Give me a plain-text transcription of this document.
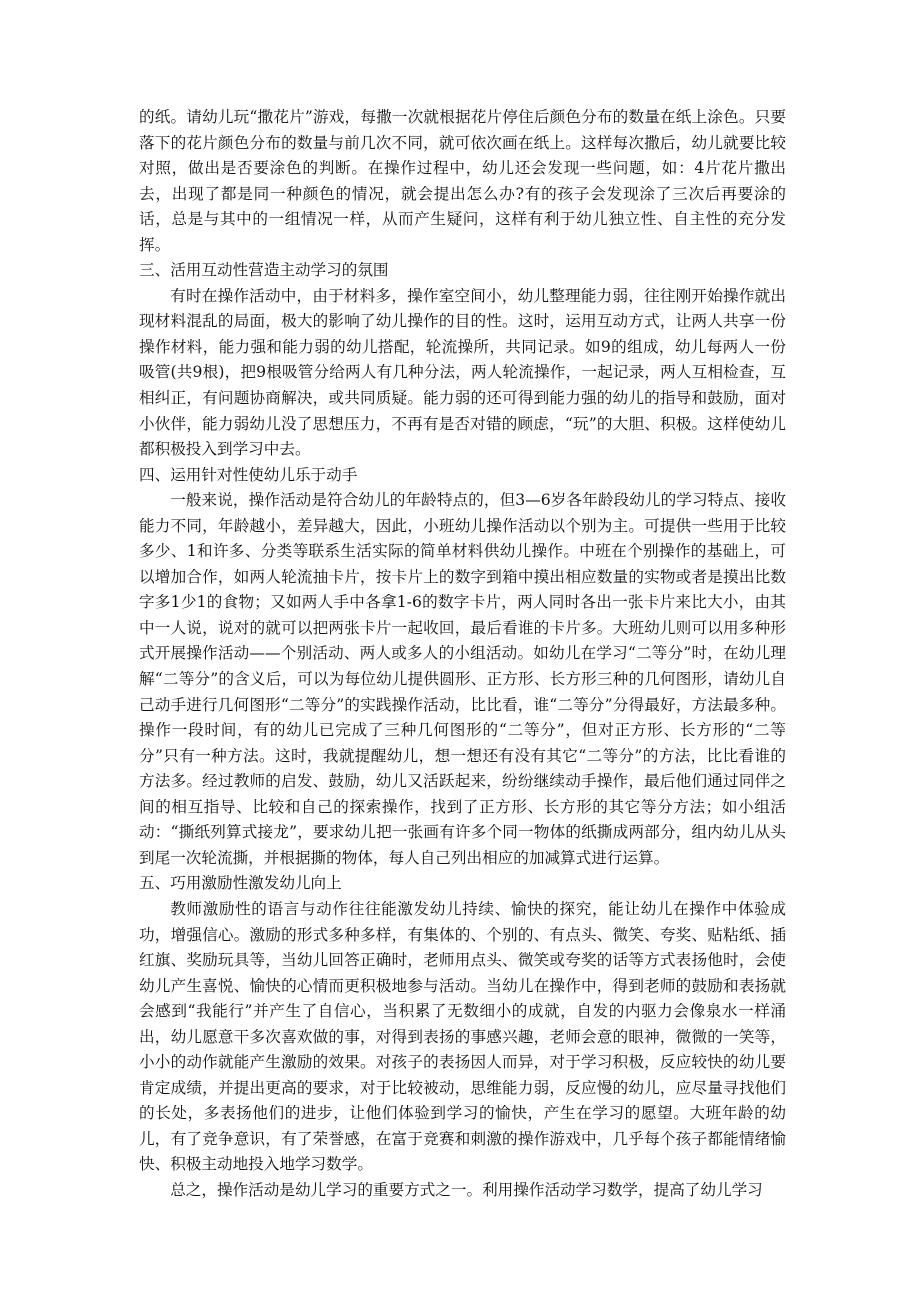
的纸。请幼儿玩“撒花片”游戏，每撒一次就根据花片停住后颜色分布的数量在纸上涂色。只要落下的花片颜色分布的数量与前几次不同，就可依次画在纸上。这样每次撒后，幼儿就要比较对照，做出是否要涂色的判断。在操作过程中，幼儿还会发现一些问题，如：4片花片撒出去，出现了都是同一种颜色的情况，就会提出怎么办?有的孩子会发现涂了三次后再要涂的话，总是与其中的一组情况一样，从而产生疑问，这样有利于幼儿独立性、自主性的充分发挥。

三、活用互动性营造主动学习的氛围

有时在操作活动中，由于材料多，操作室空间小，幼儿整理能力弱，往往刚开始操作就出现材料混乱的局面，极大的影响了幼儿操作的目的性。这时，运用互动方式，让两人共享一份操作材料，能力强和能力弱的幼儿搭配，轮流操所，共同记录。如9的组成，幼儿每两人一份吸管(共9根)，把9根吸管分给两人有几种分法，两人轮流操作，一起记录，两人互相检查，互相纠正，有问题协商解决，或共同质疑。能力弱的还可得到能力强的幼儿的指导和鼓励，面对小伙伴，能力弱幼儿没了思想压力，不再有是否对错的顾虑，“玩”的大胆、积极。这样使幼儿都积极投入到学习中去。

四、运用针对性使幼儿乐于动手

一般来说，操作活动是符合幼儿的年龄特点的，但3—6岁各年龄段幼儿的学习特点、接收能力不同，年龄越小，差异越大，因此，小班幼儿操作活动以个别为主。可提供一些用于比较多少、1和许多、分类等联系生活实际的简单材料供幼儿操作。中班在个别操作的基础上，可以增加合作，如两人轮流抽卡片，按卡片上的数字到箱中摸出相应数量的实物或者是摸出比数字多1少1的食物；又如两人手中各拿1-6的数字卡片，两人同时各出一张卡片来比大小，由其中一人说，说对的就可以把两张卡片一起收回，最后看谁的卡片多。大班幼儿则可以用多种形式开展操作活动——个别活动、两人或多人的小组活动。如幼儿在学习“二等分”时，在幼儿理解“二等分”的含义后，可以为每位幼儿提供圆形、正方形、长方形三种的几何图形，请幼儿自己动手进行几何图形“二等分”的实践操作活动，比比看，谁“二等分”分得最好，方法最多种。操作一段时间，有的幼儿已完成了三种几何图形的“二等分”，但对正方形、长方形的“二等分”只有一种方法。这时，我就提醒幼儿，想一想还有没有其它“二等分”的方法，比比看谁的方法多。经过教师的启发、鼓励，幼儿又活跃起来，纷纷继续动手操作，最后他们通过同伴之间的相互指导、比较和自己的探索操作，找到了正方形、长方形的其它等分方法；如小组活动：“撕纸列算式接龙”，要求幼儿把一张画有许多个同一物体的纸撕成两部分，组内幼儿从头到尾一次轮流撕，并根据撕的物体，每人自己列出相应的加减算式进行运算。

五、巧用激励性激发幼儿向上

教师激励性的语言与动作往往能激发幼儿持续、愉快的探究，能让幼儿在操作中体验成功，增强信心。激励的形式多种多样，有集体的、个别的、有点头、微笑、夸奖、贴粘纸、插红旗、奖励玩具等，当幼儿回答正确时，老师用点头、微笑或夸奖的话等方式表扬他时，会使幼儿产生喜悦、愉快的心情而更积极地参与活动。当幼儿在操作中，得到老师的鼓励和表扬就会感到“我能行”并产生了自信心，当积累了无数细小的成就，自发的内驱力会像泉水一样涌出，幼儿愿意干多次喜欢做的事，对得到表扬的事感兴趣，老师会意的眼神，微微的一笑等，小小的动作就能产生激励的效果。对孩子的表扬因人而异，对于学习积极，反应较快的幼儿要肯定成绩，并提出更高的要求，对于比较被动，思维能力弱，反应慢的幼儿，应尽量寻找他们的长处，多表扬他们的进步，让他们体验到学习的愉快，产生在学习的愿望。大班年龄的幼儿，有了竞争意识，有了荣誉感，在富于竞赛和刺激的操作游戏中，几乎每个孩子都能情绪愉快、积极主动地投入地学习数学。

总之，操作活动是幼儿学习的重要方式之一。利用操作活动学习数学，提高了幼儿学习
